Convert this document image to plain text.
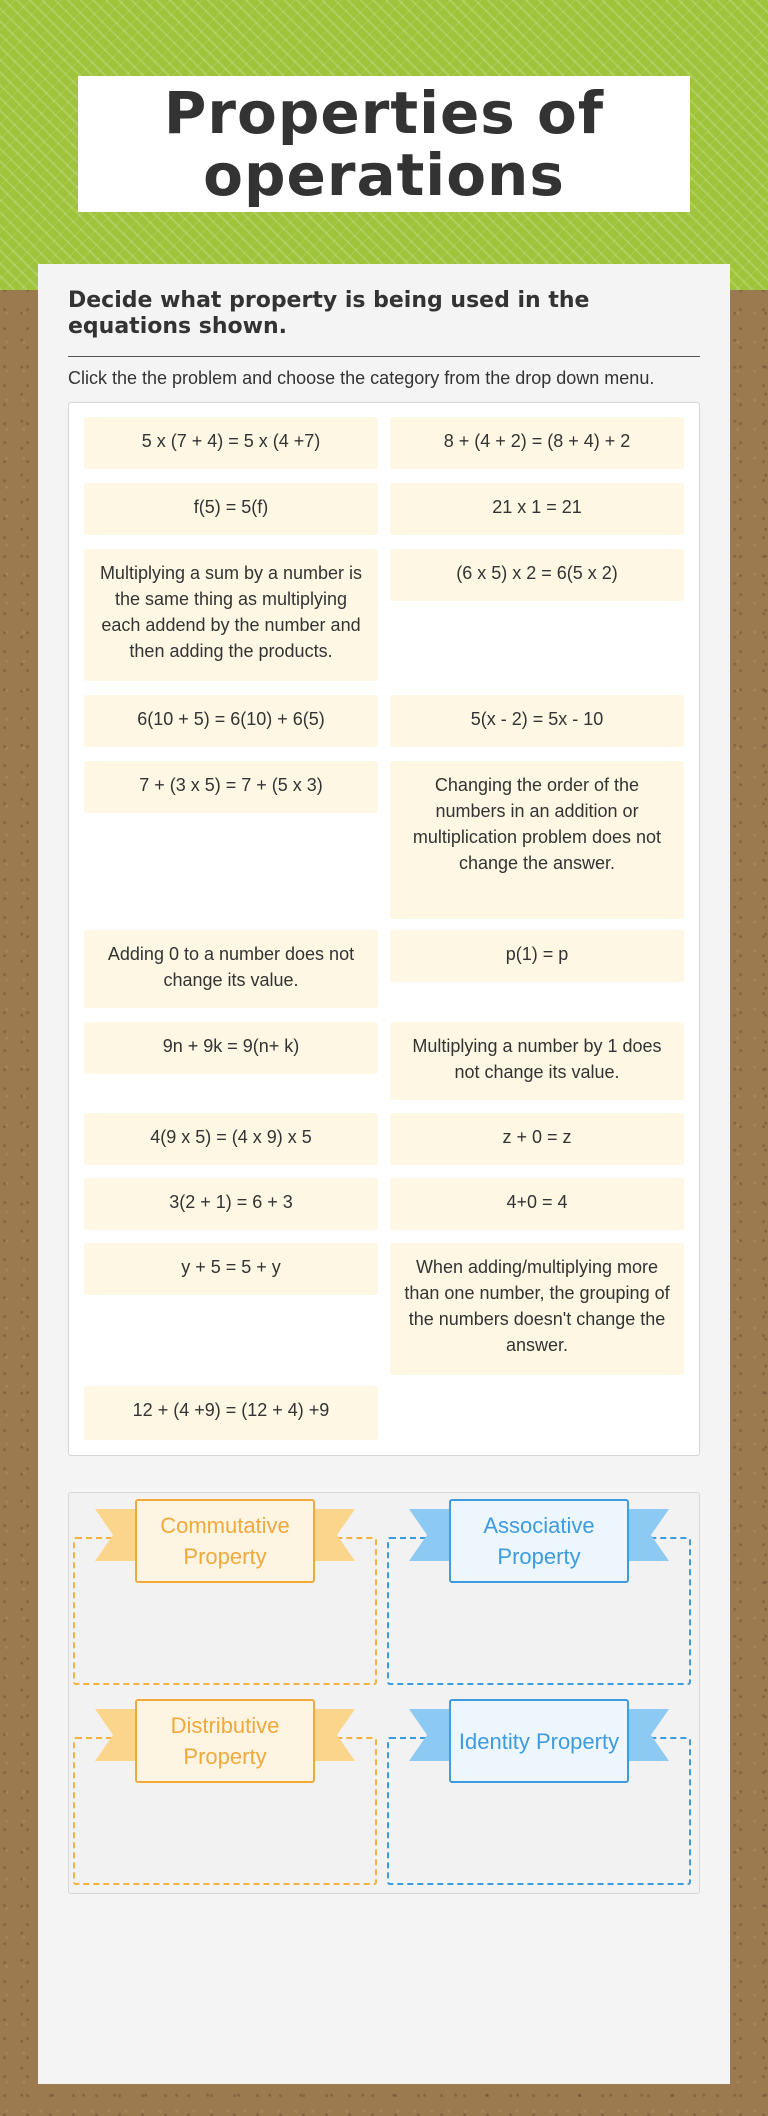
Properties of operations
Decide what property is being used in the equations shown.
Click the the problem and choose the category from the drop down menu.
5 x (7 + 4) = 5 x (4 +7)	8 + (4 + 2) = (8 + 4) + 2
f(5) = 5(f)	21 x 1 = 21
Multiplying a sum by a number is the same thing as multiplying each addend by the number and then adding the products.
(6 x 5) x 2 = 6(5 x 2)
6(10 + 5) = 6(10) + 6(5)	5(x - 2) = 5x - 10
7 + (3 x 5) = 7 + (5 x 3)	Changing the order of the numbers in an addition or multiplication problem does not change the answer.
Adding 0 to a number does not change its value.
p(1) = p
9n + 9k = 9(n+ k)	Multiplying a number by 1 does not change its value.
4(9 x 5) = (4 x 9) x 5	z + 0 = z
3(2 + 1) = 6 + 3	4+0 = 4
y + 5 = 5 + y	When adding/multiplying more than one number, the grouping of the numbers doesn't change the answer.
12 + (4 +9) = (12 + 4) +9
Commutative Property
Associative Property
Distributive Property
Identity Property
